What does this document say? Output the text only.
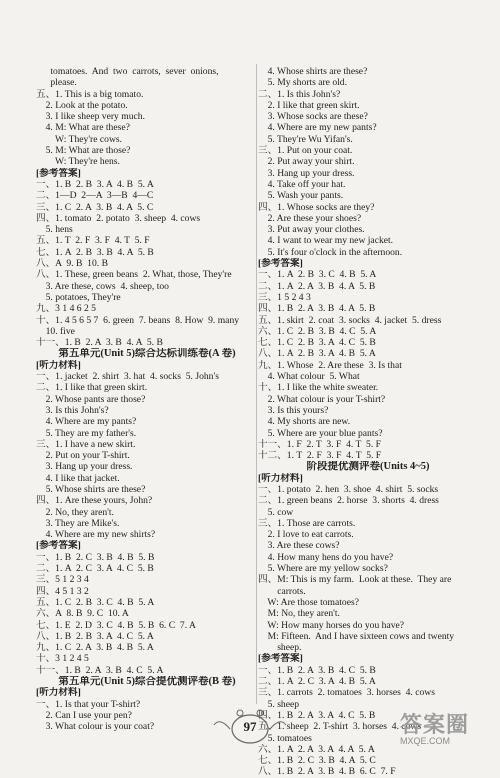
tomatoes.  And  two  carrots,  sever  onions,
please.
五、1. This is a big tomato.
2. Look at the potato.
3. I like sheep very much.
4. M: What are these?
W: They're cows.
5. M: What are those?
W: They're hens.
[参考答案]
一、1. B  2. B  3. A  4. B  5. A
二、1—D  2—A  3—B  4—C
三、1. C  2. A  3. B  4. A  5. C
四、1. tomato  2. potato  3. sheep  4. cows
5. hens
五、1. T  2. F  3. F  4. T  5. F
七、1. A  2. B  3. B  4. A  5. B
八、A  9. B  10. B
八、1. These, green beans  2. What, those, They're
3. Are these, cows  4. sheep, too
5. potatoes, They're
九、3 1 4 6 2 5
十、1. 4 5 6 5 7  6. green  7. beans  8. How  9. many
10. five
十一、1. B  2. A  3. B  4. A  5. B
第五单元(Unit 5)综合达标训练卷(A 卷)
[听力材料]
一、1. jacket  2. shirt  3. hat  4. socks  5. John's
二、1. I like that green skirt.
2. Whose pants are those?
3. Is this John's?
4. Where are my pants?
5. They are my father's.
三、1. I have a new skirt.
2. Put on your T-shirt.
3. Hang up your dress.
4. I like that jacket.
5. Whose shirts are these?
四、1. Are these yours, John?
2. No, they aren't.
3. They are Mike's.
4. Where are my new shirts?
[参考答案]
一、1. B  2. C  3. B  4. B  5. B
二、1. A  2. C  3. A  4. C  5. B
三、5 1 2 3 4
四、4 5 1 3 2
五、1. C  2. B  3. C  4. B  5. A
六、A  8. B  9. C  10. A
七、1. E  2. D  3. C  4. B  5. B  6. C  7. A
八、1. B  2. B  3. A  4. C  5. A
九、1. C  2. A  3. B  4. B  5. A
十、3 1 2 4 5
十一、1. B  2. A  3. B  4. C  5. A
第五单元(Unit 5)综合提优测评卷(B 卷)
[听力材料]
一、1. Is that your T-shirt?
2. Can I use your pen?
3. What colour is your coat?
4. Whose shirts are these?
5. My shorts are old.
二、1. Is this John's?
2. I like that green skirt.
3. Whose socks are these?
4. Where are my new pants?
5. They're Wu Yifan's.
三、1. Put on your coat.
2. Put away your shirt.
3. Hang up your dress.
4. Take off your hat.
5. Wash your pants.
四、1. Whose socks are they?
2. Are these your shoes?
3. Put away your clothes.
4. I want to wear my new jacket.
5. It's four o'clock in the afternoon.
[参考答案]
一、1. A  2. B  3. C  4. B  5. A
二、1. A  2. A  3. B  4. A  5. B
三、1 5 2 4 3
四、1. B  2. A  3. B  4. A  5. B
五、1. skirt  2. coat  3. socks  4. jacket  5. dress
六、1. C  2. B  3. B  4. C  5. A
七、1. C  2. B  3. A  4. C  5. B
八、1. A  2. B  3. A  4. B  5. A
九、1. Whose  2. Are these  3. Is that
4. What colour  5. What
十、1. I like the white sweater.
2. What colour is your T-shirt?
3. Is this yours?
4. My shorts are new.
5. Where are your blue pants?
十一、1. F  2. T  3. F  4. T  5. F
十二、1. T  2. F  3. F  4. T  5. F
阶段提优测评卷(Units 4~5)
[听力材料]
一、1. potato  2. hen  3. shoe  4. shirt  5. socks
二、1. green beans  2. horse  3. shorts  4. dress
5. cow
三、1. Those are carrots.
2. I love to eat carrots.
3. Are these cows?
4. How many hens do you have?
5. Where are my yellow socks?
四、M: This is my farm.  Look at these.  They are
carrots.
W: Are those tomatoes?
M: No, they aren't.
W: How many horses do you have?
M: Fifteen.  And I have sixteen cows and twenty
sheep.
[参考答案]
一、1. B  2. A  3. B  4. C  5. B
二、1. A  2. C  3. A  4. B  5. A
三、1. carrots  2. tomatoes  3. horses  4. cows
5. sheep
四、1. B  2. A  3. A  4. C  5. B
五、1. sheep  2. T-shirt  3. horses  4. cows
5. tomatoes
六、1. A  2. A  3. A  4. A  5. A
七、1. B  2. C  3. B  4. A  5. C
八、1. B  2. A  3. B  4. B  6. C  7. F
97	答案圈
MXQE.COM
